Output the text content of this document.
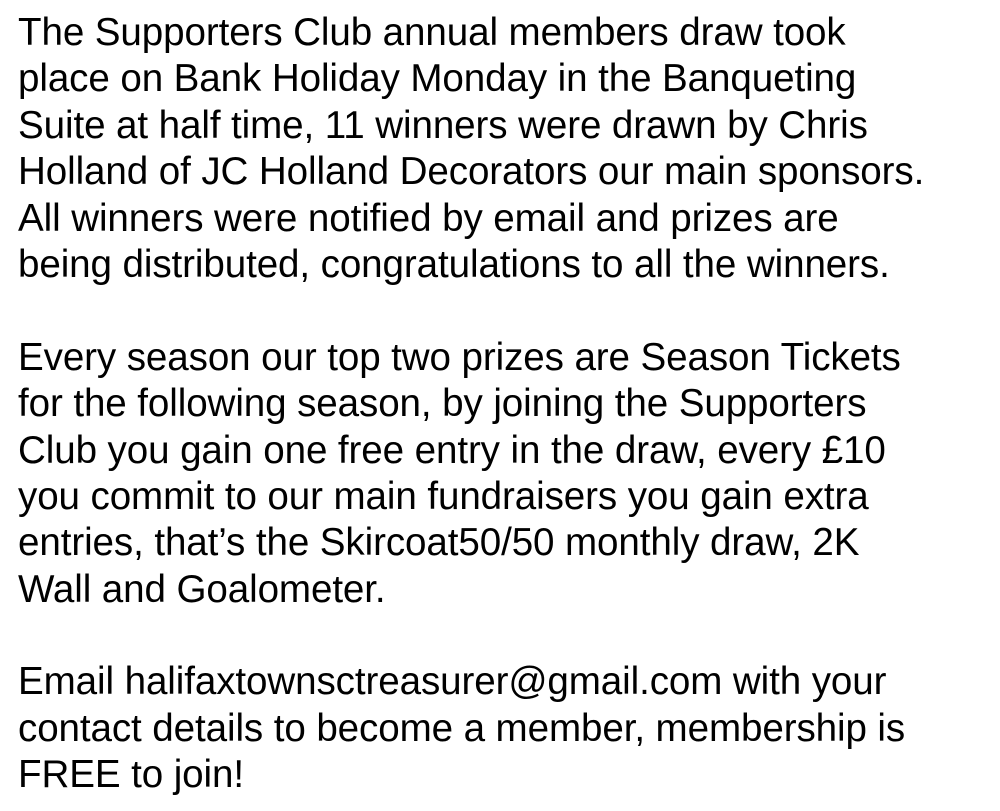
The Supporters Club annual members draw took
place on Bank Holiday Monday in the Banqueting
Suite at half time, 11 winners were drawn by Chris
Holland of JC Holland Decorators our main sponsors.
All winners were notified by email and prizes are
being distributed, congratulations to all the winners.
Every season our top two prizes are Season Tickets
for the following season, by joining the Supporters
Club you gain one free entry in the draw, every £10
you commit to our main fundraisers you gain extra
entries, that’s the Skircoat50/50 monthly draw, 2K
Wall and Goalometer.
Email halifaxtownsctreasurer@gmail.com with your
contact details to become a member, membership is
FREE to join!
